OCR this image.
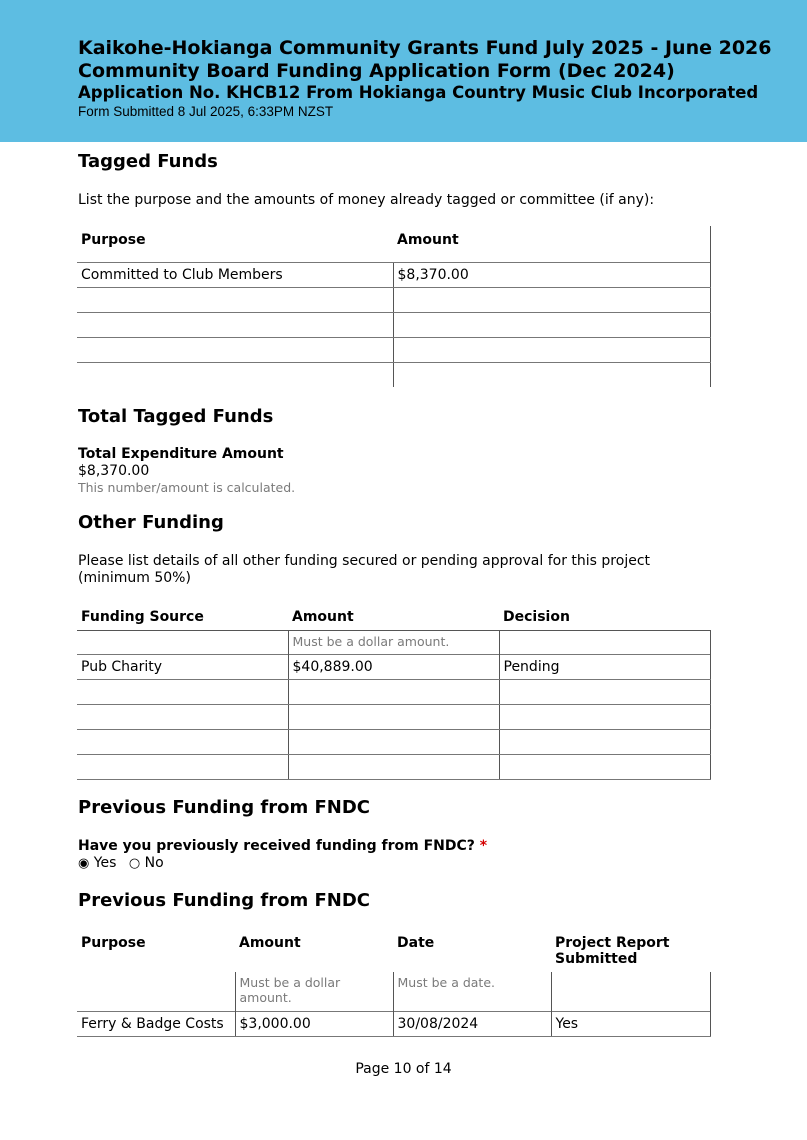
Kaikohe-Hokianga Community Grants Fund July 2025 - June 2026
Community Board Funding Application Form (Dec 2024)
Application No. KHCB12 From Hokianga Country Music Club Incorporated
Form Submitted 8 Jul 2025, 6:33PM NZST
Tagged Funds
List the purpose and the amounts of money already tagged or committee (if any):
Purpose	Amount
Committed to Club Members	$8,370.00

Total Tagged Funds
Total Expenditure Amount
$8,370.00
This number/amount is calculated.
Other Funding
Please list details of all other funding secured or pending approval for this project (minimum 50%)
Funding Source	Amount	Decision
	Must be a dollar amount.	
Pub Charity	$40,889.00	Pending

Previous Funding from FNDC
Have you previously received funding from FNDC? *
◉ Yes ○ No
Previous Funding from FNDC
Purpose	Amount	Date	Project Report Submitted
	Must be a dollar amount.	Must be a date.	
Ferry & Badge Costs	$3,000.00	30/08/2024	Yes
Page 10 of 14
